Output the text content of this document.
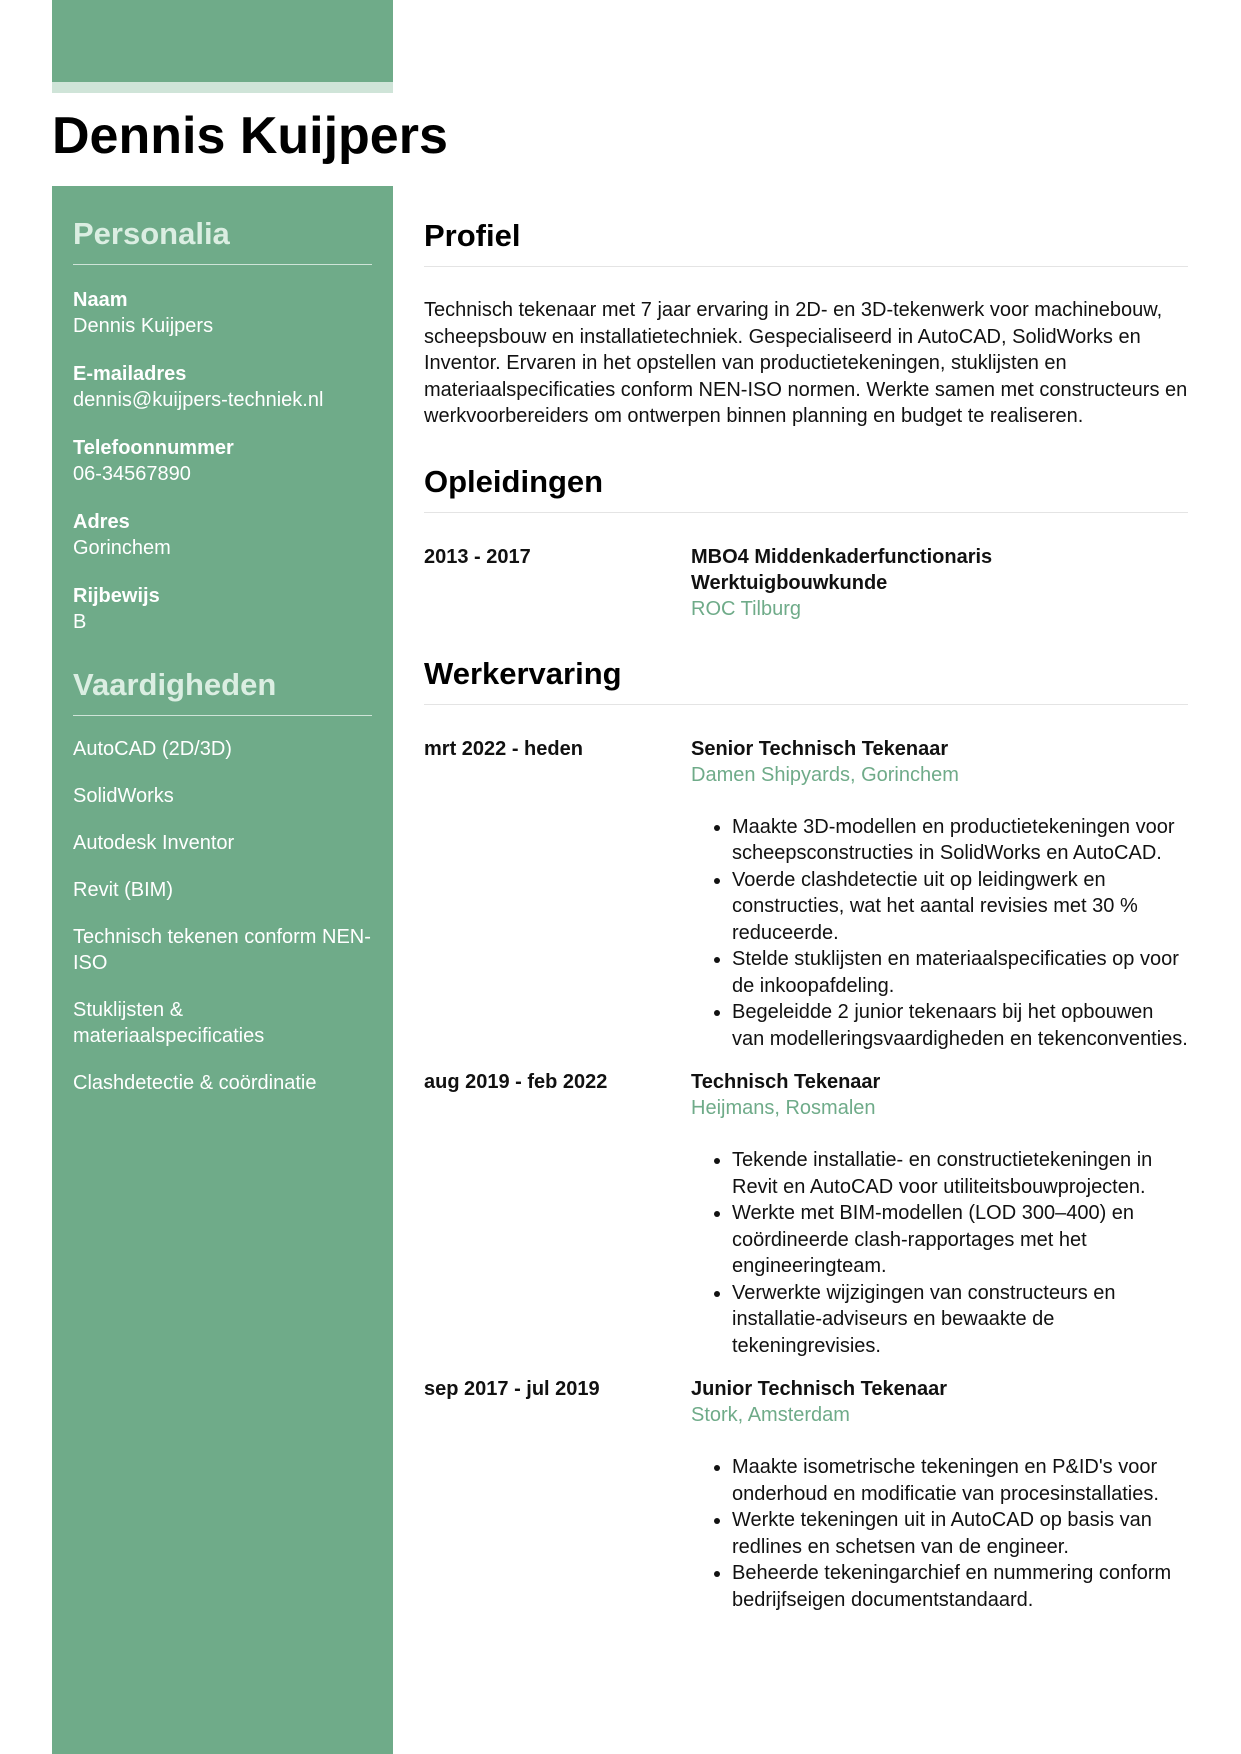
Dennis Kuijpers
Personalia
Naam
Dennis Kuijpers
E-mailadres
dennis@kuijpers-techniek.nl
Telefoonnummer
06-34567890
Adres
Gorinchem
Rijbewijs
B
Vaardigheden
AutoCAD (2D/3D)
SolidWorks
Autodesk Inventor
Revit (BIM)
Technisch tekenen conform NEN-ISO
Stuklijsten & materiaalspecificaties
Clashdetectie & coördinatie
Profiel

Technisch tekenaar met 7 jaar ervaring in 2D- en 3D-tekenwerk voor machinebouw, scheepsbouw en installatietechniek. Gespecialiseerd in AutoCAD, SolidWorks en Inventor. Ervaren in het opstellen van productietekeningen, stuklijsten en materiaalspecificaties conform NEN-ISO normen. Werkte samen met constructeurs en werkvoorbereiders om ontwerpen binnen planning en budget te realiseren.

Opleidingen
2013 - 2017	MBO4 Middenkaderfunctionaris Werktuigbouwkunde
ROC Tilburg
Werkervaring
mrt 2022 - heden	Senior Technisch Tekenaar
Damen Shipyards, Gorinchem
• Maakte 3D-modellen en productietekeningen voor scheepsconstructies in SolidWorks en AutoCAD.
• Voerde clashdetectie uit op leidingwerk en constructies, wat het aantal revisies met 30 % reduceerde.
• Stelde stuklijsten en materiaalspecificaties op voor de inkoopafdeling.
• Begeleidde 2 junior tekenaars bij het opbouwen van modelleringsvaardigheden en tekenconventies.
aug 2019 - feb 2022	Technisch Tekenaar
Heijmans, Rosmalen
• Tekende installatie- en constructietekeningen in Revit en AutoCAD voor utiliteitsbouwprojecten.
• Werkte met BIM-modellen (LOD 300–400) en coördineerde clash-rapportages met het engineeringteam.
• Verwerkte wijzigingen van constructeurs en installatie-adviseurs en bewaakte de tekeningrevisies.
sep 2017 - jul 2019	Junior Technisch Tekenaar
Stork, Amsterdam
• Maakte isometrische tekeningen en P&ID's voor onderhoud en modificatie van procesinstallaties.
• Werkte tekeningen uit in AutoCAD op basis van redlines en schetsen van de engineer.
• Beheerde tekeningarchief en nummering conform bedrijfseigen documentstandaard.
